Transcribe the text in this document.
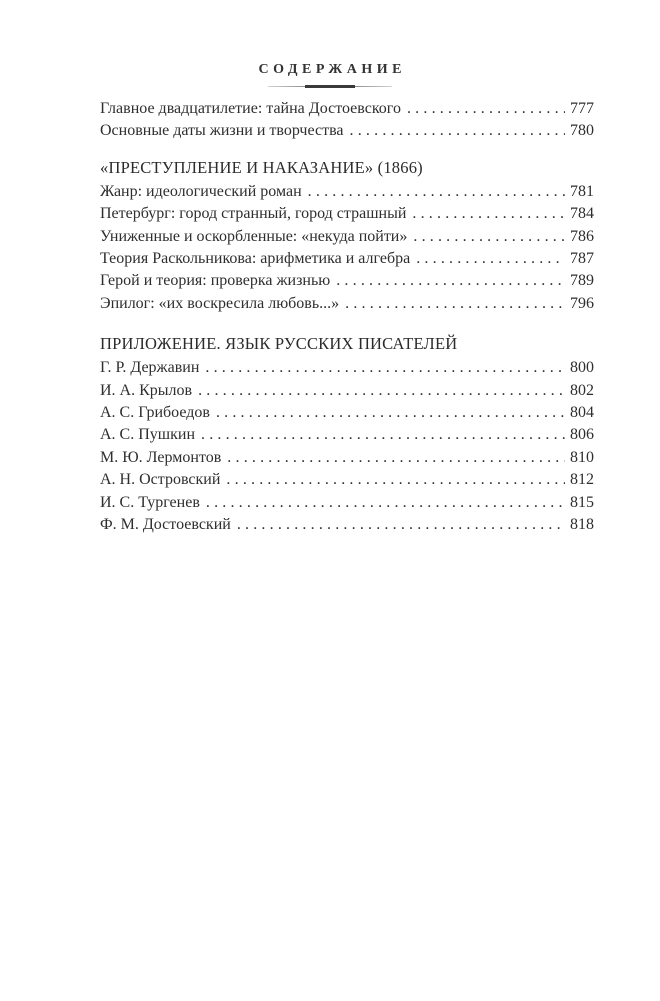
СОДЕРЖАНИЕ
Главное двадцатилетие: тайна Достоевского .....	777
Основные даты жизни и творчества .....	780
«ПРЕСТУПЛЕНИЕ И НАКАЗАНИЕ» (1866)
Жанр: идеологический роман .....	781
Петербург: город странный, город страшный .....	784
Униженные и оскорбленные: «некуда пойти» .....	786
Теория Раскольникова: арифметика и алгебра .....	787
Герой и теория: проверка жизнью .....	789
Эпилог: «их воскресила любовь...» .....	796
ПРИЛОЖЕНИЕ. ЯЗЫК РУССКИХ ПИСАТЕЛЕЙ
Г. Р. Державин .....	800
И. А. Крылов .....	802
А. С. Грибоедов .....	804
А. С. Пушкин .....	806
М. Ю. Лермонтов .....	810
А. Н. Островский .....	812
И. С. Тургенев .....	815
Ф. М. Достоевский .....	818
